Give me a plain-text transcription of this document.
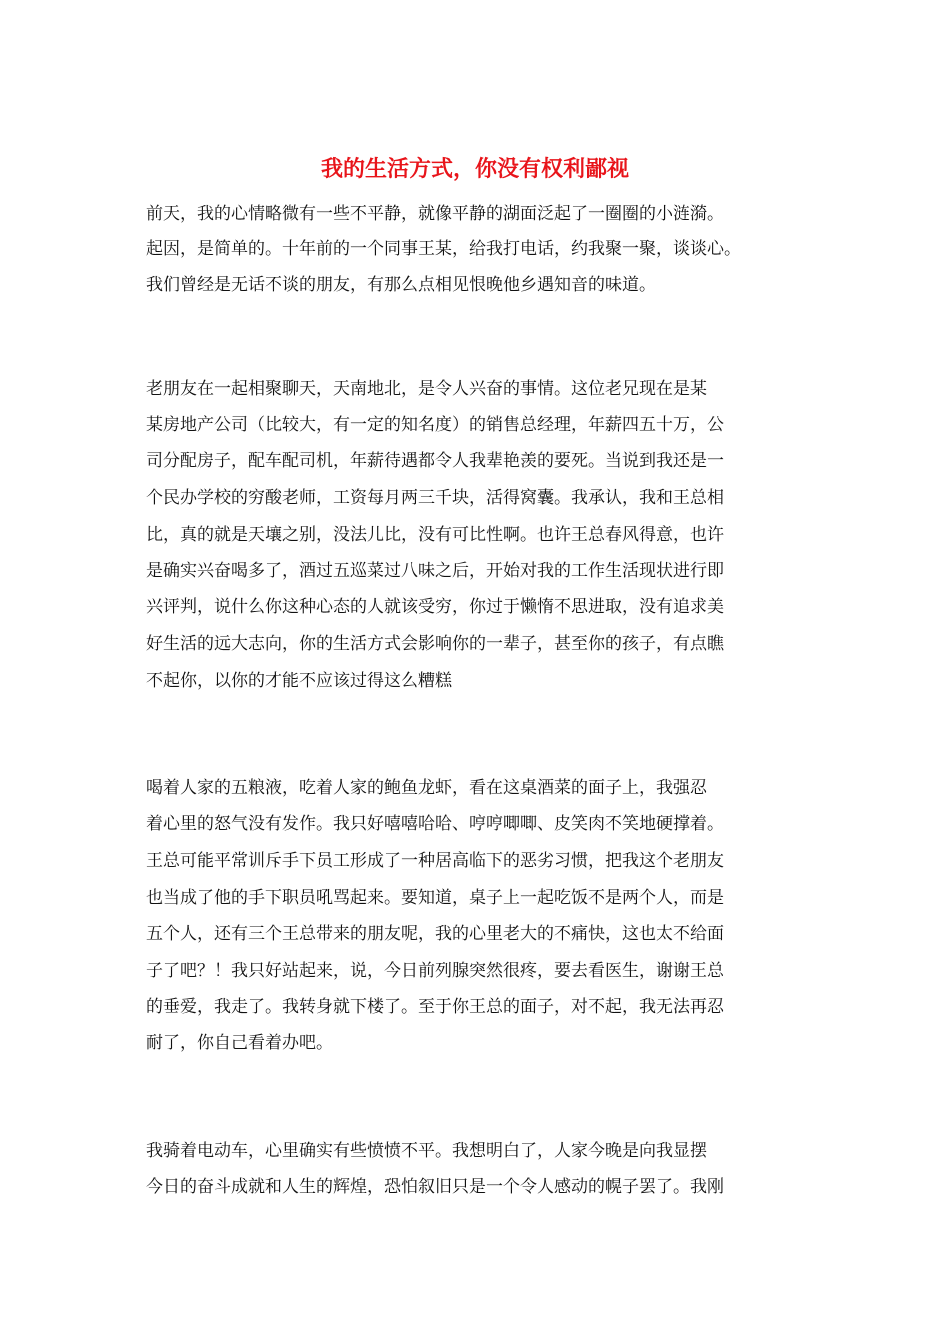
我的生活方式，你没有权利鄙视

前天，我的心情略微有一些不平静，就像平静的湖面泛起了一圈圈的小涟漪。

起因，是简单的。十年前的一个同事王某，给我打电话，约我聚一聚，谈谈心。

我们曾经是无话不谈的朋友，有那么点相见恨晚他乡遇知音的味道。

老朋友在一起相聚聊天，天南地北，是令人兴奋的事情。这位老兄现在是某

某房地产公司（比较大，有一定的知名度）的销售总经理，年薪四五十万，公

司分配房子，配车配司机，年薪待遇都令人我辈艳羡的要死。当说到我还是一

个民办学校的穷酸老师，工资每月两三千块，活得窝囊。我承认，我和王总相

比，真的就是天壤之别，没法儿比，没有可比性啊。也许王总春风得意，也许

是确实兴奋喝多了，酒过五巡菜过八味之后，开始对我的工作生活现状进行即

兴评判，说什么你这种心态的人就该受穷，你过于懒惰不思进取，没有追求美

好生活的远大志向，你的生活方式会影响你的一辈子，甚至你的孩子，有点瞧

不起你，以你的才能不应该过得这么糟糕

喝着人家的五粮液，吃着人家的鲍鱼龙虾，看在这桌酒菜的面子上，我强忍

着心里的怒气没有发作。我只好嘻嘻哈哈、哼哼唧唧、皮笑肉不笑地硬撑着。

王总可能平常训斥手下员工形成了一种居高临下的恶劣习惯，把我这个老朋友

也当成了他的手下职员吼骂起来。要知道，桌子上一起吃饭不是两个人，而是

五个人，还有三个王总带来的朋友呢，我的心里老大的不痛快，这也太不给面

子了吧？！我只好站起来，说，今日前列腺突然很疼，要去看医生，谢谢王总

的垂爱，我走了。我转身就下楼了。至于你王总的面子，对不起，我无法再忍

耐了，你自己看着办吧。

我骑着电动车，心里确实有些愤愤不平。我想明白了，人家今晚是向我显摆

今日的奋斗成就和人生的辉煌，恐怕叙旧只是一个令人感动的幌子罢了。我刚
